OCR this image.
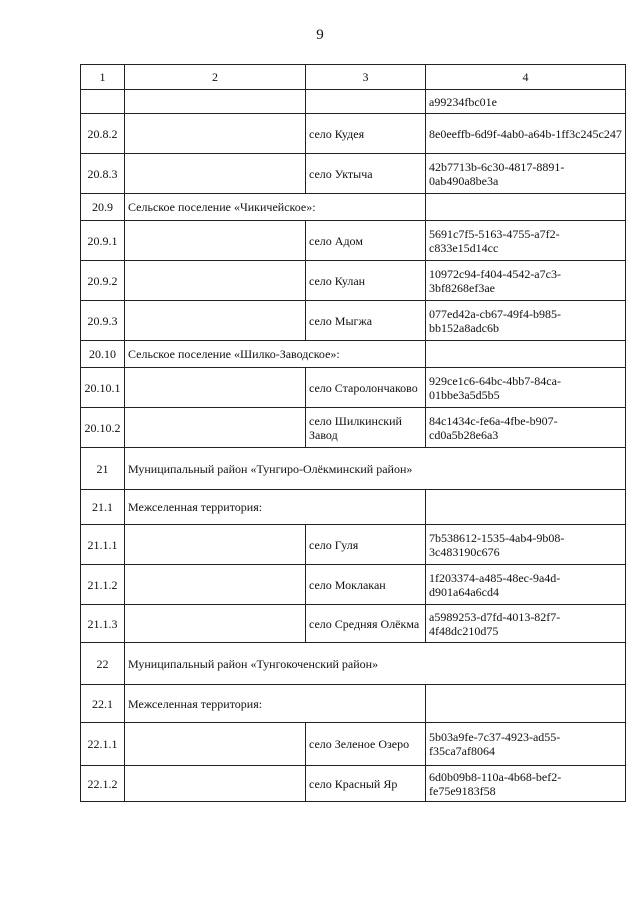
9
1	2	3	4
			a99234fbc01e
20.8.2		село Кудея	8e0eeffb-6d9f-4ab0-a64b-1ff3c245c247
20.8.3		село Уктыча	42b7713b-6c30-4817-8891-0ab490a8be3a
20.9	Сельское поселение «Чикичейское»:		
20.9.1		село Адом	5691c7f5-5163-4755-a7f2-c833e15d14cc
20.9.2		село Кулан	10972c94-f404-4542-a7c3-3bf8268ef3ae
20.9.3		село Мыгжа	077ed42a-cb67-49f4-b985-bb152a8adc6b
20.10	Сельское поселение «Шилко-Заводское»:		
20.10.1		село Старолончаково	929ce1c6-64bc-4bb7-84ca-01bbe3a5d5b5
20.10.2		село Шилкинский Завод	84c1434c-fe6a-4fbe-b907-cd0a5b28e6a3
21	Муниципальный район «Тунгиро-Олёкминский район»		
21.1	Межселенная территория:		
21.1.1		село Гуля	7b538612-1535-4ab4-9b08-3c483190c676
21.1.2		село Моклакан	1f203374-a485-48ec-9a4d-d901a64a6cd4
21.1.3		село Средняя Олёкма	a5989253-d7fd-4013-82f7-4f48dc210d75
22	Муниципальный район «Тунгокоченский район»		
22.1	Межселенная территория:		
22.1.1		село Зеленое Озеро	5b03a9fe-7c37-4923-ad55-f35ca7af8064
22.1.2		село Красный Яр	6d0b09b8-110a-4b68-bef2-fe75e9183f58
